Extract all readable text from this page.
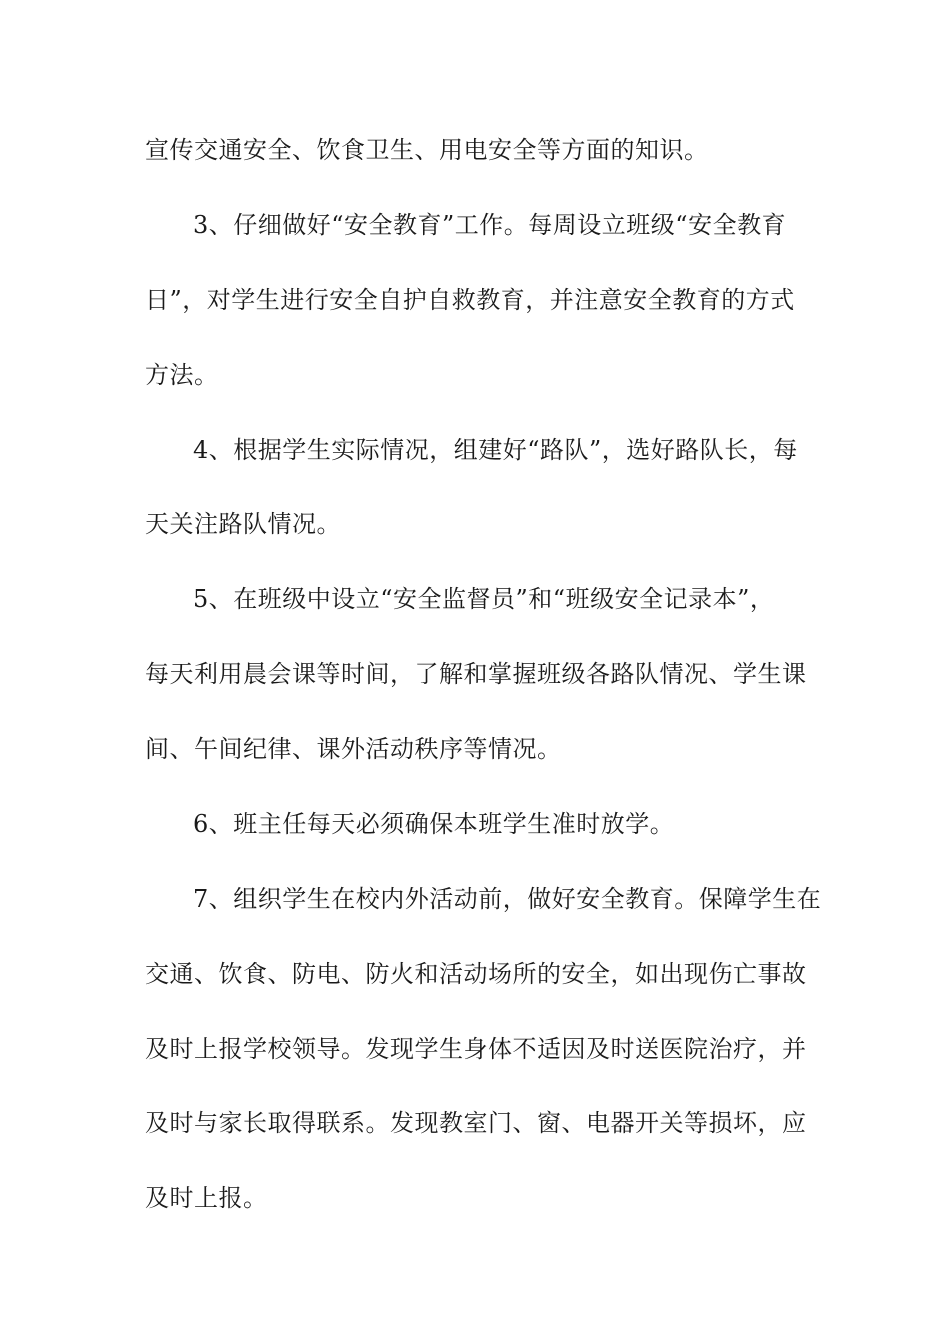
宣传交通安全、饮食卫生、用电安全等方面的知识。
3、仔细做好“安全教育”工作。每周设立班级“安全教育
日”，对学生进行安全自护自救教育，并注意安全教育的方式
方法。
4、根据学生实际情况，组建好“路队”，选好路队长，每
天关注路队情况。
5、在班级中设立“安全监督员”和“班级安全记录本”，
每天利用晨会课等时间，了解和掌握班级各路队情况、学生课
间、午间纪律、课外活动秩序等情况。
6、班主任每天必须确保本班学生准时放学。
7、组织学生在校内外活动前，做好安全教育。保障学生在
交通、饮食、防电、防火和活动场所的安全，如出现伤亡事故
及时上报学校领导。发现学生身体不适因及时送医院治疗，并
及时与家长取得联系。发现教室门、窗、电器开关等损坏，应
及时上报。
